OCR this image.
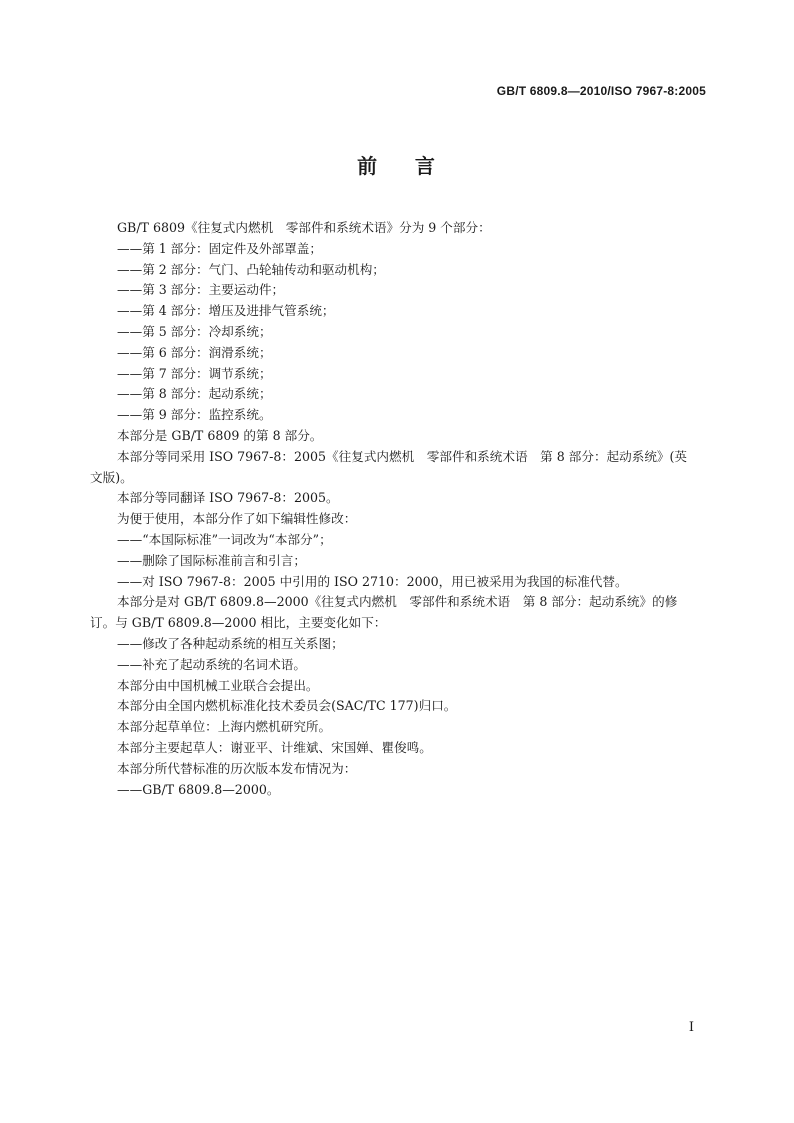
GB/T 6809.8—2010/ISO 7967-8:2005
前    言
GB/T 6809《往复式内燃机　零部件和系统术语》分为 9 个部分：
——第 1 部分：固定件及外部罩盖；
——第 2 部分：气门、凸轮轴传动和驱动机构；
——第 3 部分：主要运动件；
——第 4 部分：增压及进排气管系统；
——第 5 部分：冷却系统；
——第 6 部分：润滑系统；
——第 7 部分：调节系统；
——第 8 部分：起动系统；
——第 9 部分：监控系统。
本部分是 GB/T 6809 的第 8 部分。
本部分等同采用 ISO 7967-8：2005《往复式内燃机　零部件和系统术语　第 8 部分：起动系统》(英
文版)。
本部分等同翻译 ISO 7967-8：2005。
为便于使用，本部分作了如下编辑性修改：
——“本国际标准”一词改为“本部分”；
——删除了国际标准前言和引言；
——对 ISO 7967-8：2005 中引用的 ISO 2710：2000，用已被采用为我国的标准代替。
本部分是对 GB/T 6809.8—2000《往复式内燃机　零部件和系统术语　第 8 部分：起动系统》的修
订。与 GB/T 6809.8—2000 相比，主要变化如下：
——修改了各种起动系统的相互关系图；
——补充了起动系统的名词术语。
本部分由中国机械工业联合会提出。
本部分由全国内燃机标准化技术委员会(SAC/TC 177)归口。
本部分起草单位：上海内燃机研究所。
本部分主要起草人：谢亚平、计维斌、宋国婵、瞿俊鸣。
本部分所代替标准的历次版本发布情况为：
——GB/T 6809.8—2000。
I
